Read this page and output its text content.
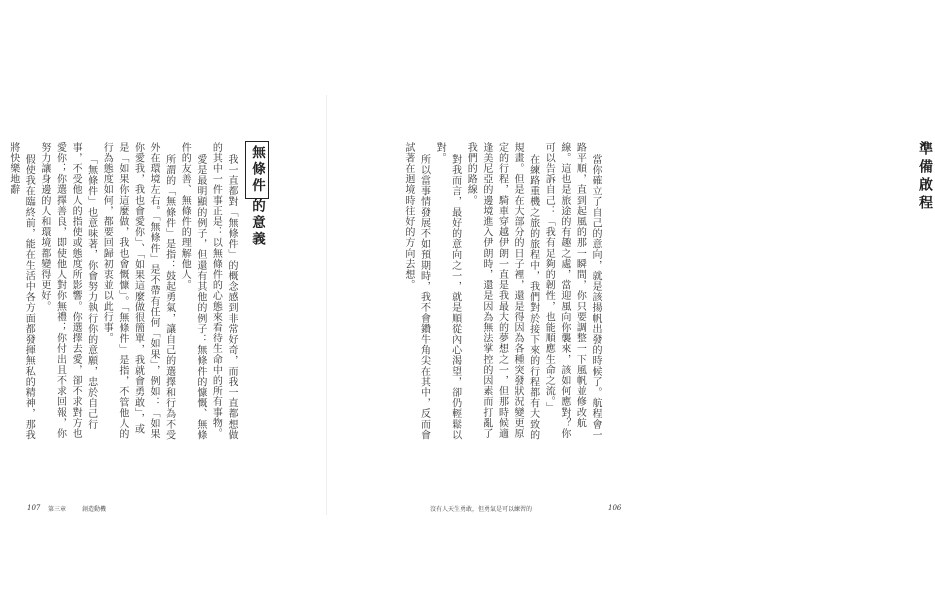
無條件的意義

我一直都對「無條件」的概念感到非常好奇，而我一直都想做的其中一件事正是：以無條件的心態來看待生命中的所有事物。

愛是最明顯的例子，但還有其他的例子：無條件的慷慨、無條件的友善、無條件的理解他人。

所謂的「無條件」是指：鼓起勇氣，讓自己的選擇和行為不受外在環境左右。「無條件」是不帶有任何「如果」，例如：「如果你愛我，我也會愛你」、「如果這麼做很簡單，我就會勇敢」，或是「如果你這麼做，我也會慨慷」。「無條件」是指，不管他人的行為態度如何，都要回歸初衷並以此行事。

「無條件」也意味著，你會努力執行你的意願，忠於自己行事，不受他人的指使或態度所影響。你選擇去愛，卻不求對方也愛你；你選擇善良，即使他人對你無禮；你付出且不求回報，你努力讓身邊的人和環境都變得更好。

假使我在臨終前，能在生活中各方面都發揮無私的精神，那我將快樂地辭

107 第三章	創造動機
準備啟程

當你確立了自己的意向，就是該揚帆出發的時候了。航程會一路平順，直到起風的那一瞬間，你只要調整一下風帆並修改航線。這也是旅途的有趣之處，當迎風向你襲來，該如何應對？你可以告訴自己：「我有足夠的韌性，也能順應生命之流。」

在練路重機之旅的旅程中，我們對於接下來的行程都有大致的規畫。但是在大部分的日子裡，還是得因為各種突發狀況變更原定的行程，騎車穿越伊朗一直是我最大的夢想之一，但那時候適逢美尼亞的邊境進入伊朗時，還是因為無法掌控的因素而打亂了我們的路線。

對我而言，最好的意向之一，就是順從內心渴望，卻仍輕鬆以對。

所以當事情發展不如預期時，我不會鑽牛角尖在其中，反而會試著在迴境時往好的方向去想。

沒有人天生勇敢，但勇氣是可以練習的	106
